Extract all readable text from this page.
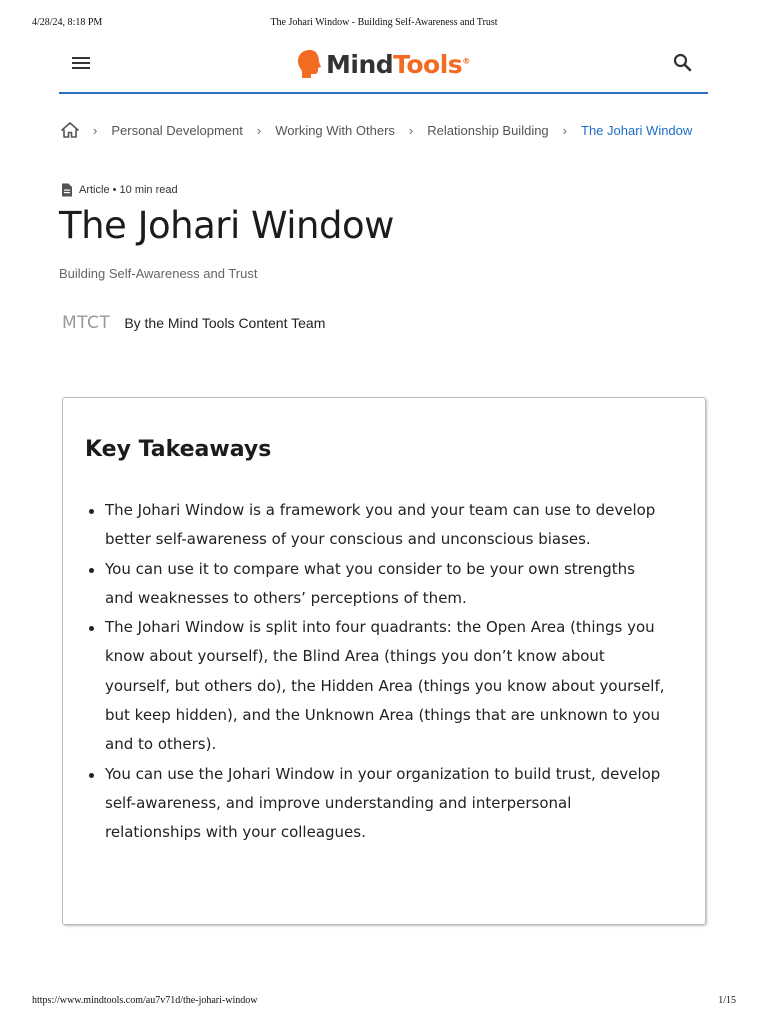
4/28/24, 8:18 PM	The Johari Window - Building Self-Awareness and Trust
MindTools®
› Personal Development › Working With Others › Relationship Building › The Johari Window
Article • 10 min read
The Johari Window
Building Self-Awareness and Trust
MTCT By the Mind Tools Content Team
Key Takeaways
The Johari Window is a framework you and your team can use to develop better self-awareness of your conscious and unconscious biases.
You can use it to compare what you consider to be your own strengths and weaknesses to others’ perceptions of them.
The Johari Window is split into four quadrants: the Open Area (things you know about yourself), the Blind Area (things you don’t know about yourself, but others do), the Hidden Area (things you know about yourself, but keep hidden), and the Unknown Area (things that are unknown to you and to others).
You can use the Johari Window in your organization to build trust, develop self-awareness, and improve understanding and interpersonal relationships with your colleagues.
https://www.mindtools.com/au7v71d/the-johari-window	1/15
